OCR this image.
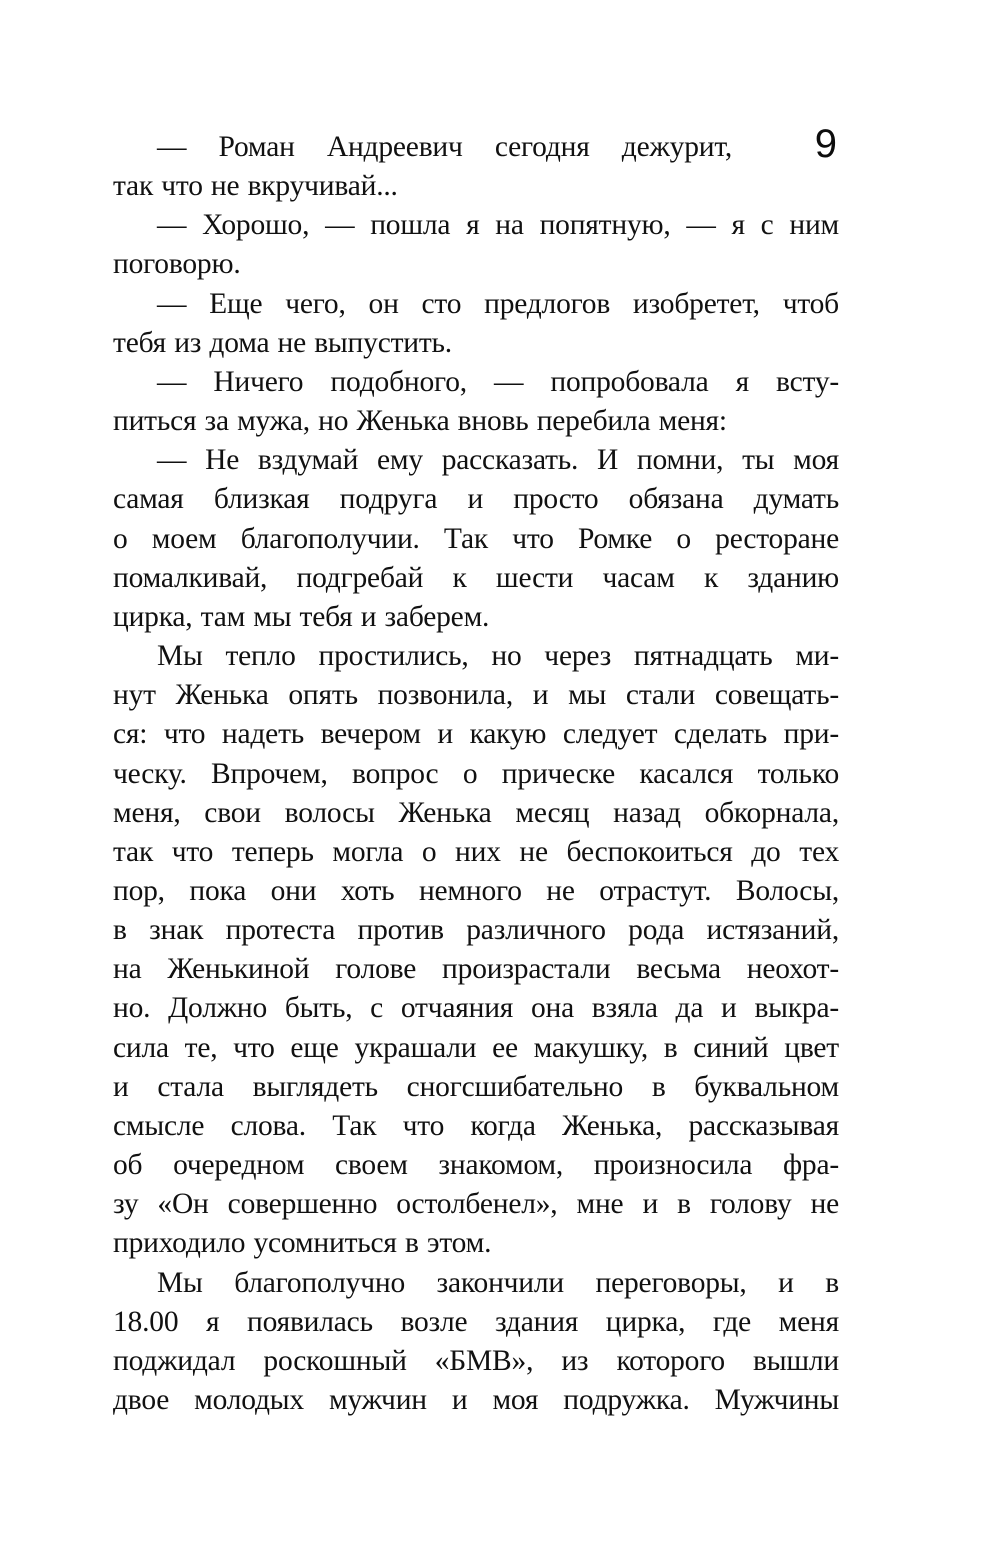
9
— Роман Андреевич сегодня дежурит,
так что не вкручивай...
— Хорошо, — пошла я на попятную, — я с ним
поговорю.
— Еще чего, он сто предлогов изобретет, чтоб
тебя из дома не выпустить.
— Ничего подобного, — попробовала я всту-
питься за мужа, но Женька вновь перебила меня:
— Не вздумай ему рассказать. И помни, ты моя
самая близкая подруга и просто обязана думать
о моем благополучии. Так что Ромке о ресторане
помалкивай, подгребай к шести часам к зданию
цирка, там мы тебя и заберем.
Мы тепло простились, но через пятнадцать ми-
нут Женька опять позвонила, и мы стали совещать-
ся: что надеть вечером и какую следует сделать при-
ческу. Впрочем, вопрос о прическе касался только
меня, свои волосы Женька месяц назад обкорнала,
так что теперь могла о них не беспокоиться до тех
пор, пока они хоть немного не отрастут. Волосы,
в знак протеста против различного рода истязаний,
на Женькиной голове произрастали весьма неохот-
но. Должно быть, с отчаяния она взяла да и выкра-
сила те, что еще украшали ее макушку, в синий цвет
и стала выглядеть сногсшибательно в буквальном
смысле слова. Так что когда Женька, рассказывая
об очередном своем знакомом, произносила фра-
зу «Он совершенно остолбенел», мне и в голову не
приходило усомниться в этом.
Мы благополучно закончили переговоры, и в
18.00 я появилась возле здания цирка, где меня
поджидал роскошный «БМВ», из которого вышли
двое молодых мужчин и моя подружка. Мужчины
